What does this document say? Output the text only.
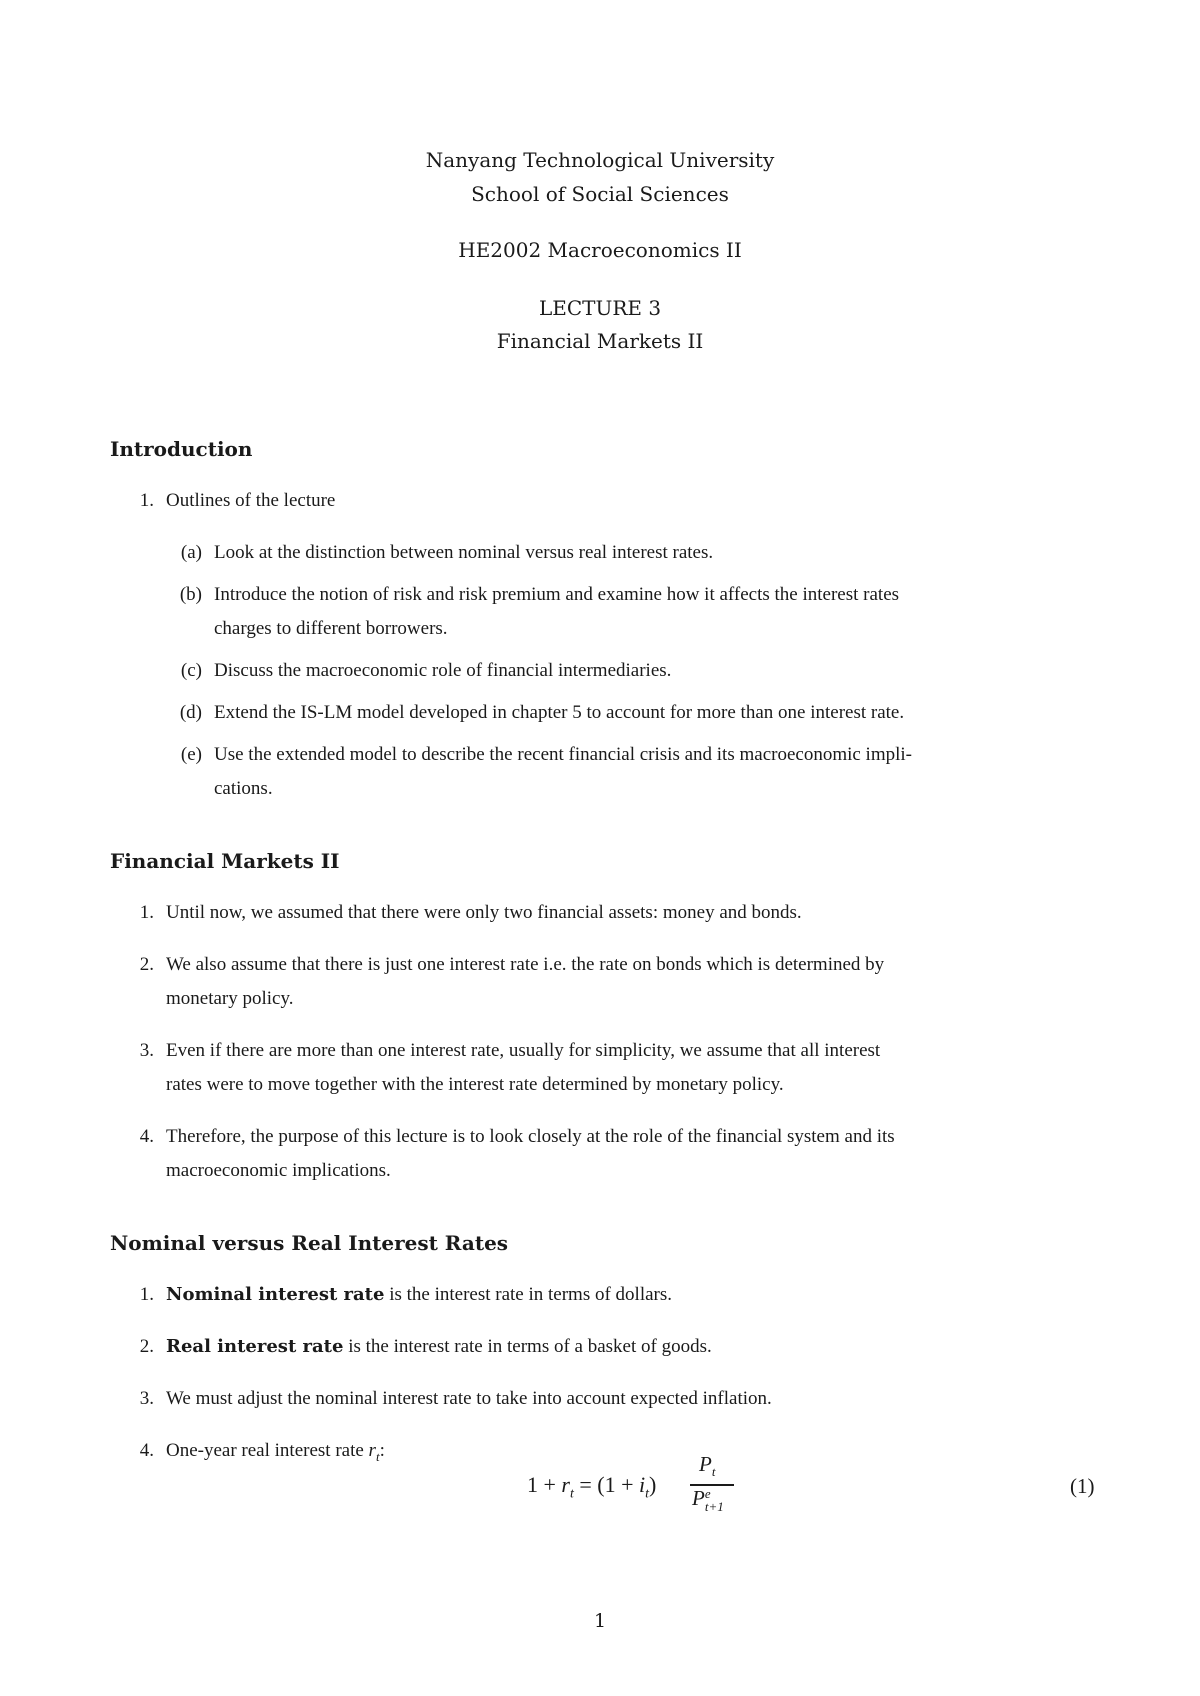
Nanyang Technological University
School of Social Sciences
HE2002 Macroeconomics II
LECTURE 3
Financial Markets II
Introduction
1. Outlines of the lecture
(a) Look at the distinction between nominal versus real interest rates.
(b) Introduce the notion of risk and risk premium and examine how it affects the interest rates
charges to different borrowers.
(c) Discuss the macroeconomic role of financial intermediaries.
(d) Extend the IS-LM model developed in chapter 5 to account for more than one interest rate.
(e) Use the extended model to describe the recent financial crisis and its macroeconomic impli-
cations.
Financial Markets II
1. Until now, we assumed that there were only two financial assets: money and bonds.
2. We also assume that there is just one interest rate i.e. the rate on bonds which is determined by
monetary policy.
3. Even if there are more than one interest rate, usually for simplicity, we assume that all interest
rates were to move together with the interest rate determined by monetary policy.
4. Therefore, the purpose of this lecture is to look closely at the role of the financial system and its
macroeconomic implications.
Nominal versus Real Interest Rates
1. Nominal interest rate is the interest rate in terms of dollars.
2. Real interest rate is the interest rate in terms of a basket of goods.
3. We must adjust the nominal interest rate to take into account expected inflation.
4. One-year real interest rate $r_t$:
$1 + r_t = (1 + i_t)$
$P_t$
P e
t+1
(1)
1
